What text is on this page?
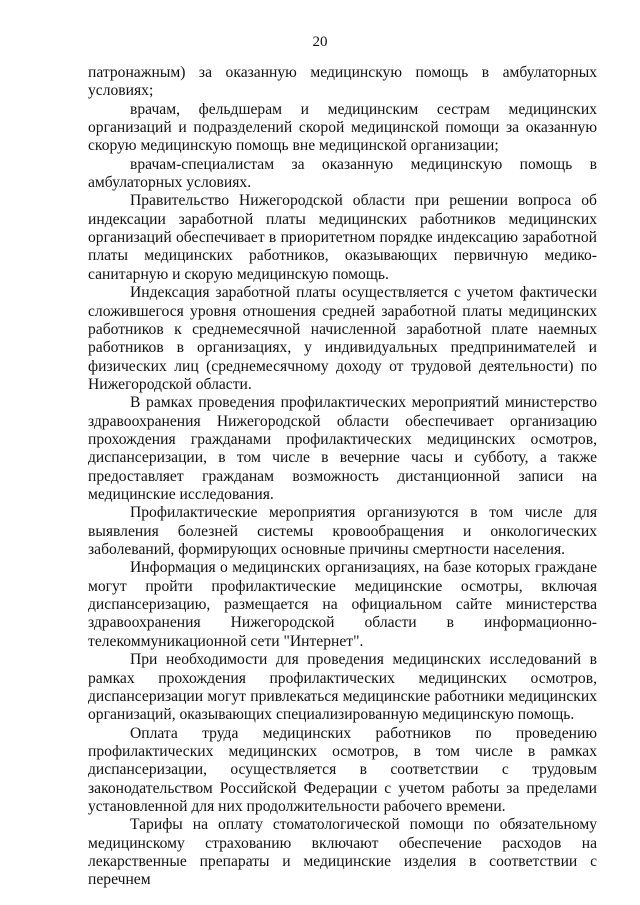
20

патронажным) за оказанную медицинскую помощь в амбулаторных условиях;

врачам, фельдшерам и медицинским сестрам медицинских организаций и подразделений скорой медицинской помощи за оказанную скорую медицинскую помощь вне медицинской организации;

врачам-специалистам за оказанную медицинскую помощь в амбулаторных условиях.

Правительство Нижегородской области при решении вопроса об индексации заработной платы медицинских работников медицинских организаций обеспечивает в приоритетном порядке индексацию заработной платы медицинских работников, оказывающих первичную медико-санитарную и скорую медицинскую помощь.

Индексация заработной платы осуществляется с учетом фактически сложившегося уровня отношения средней заработной платы медицинских работников к среднемесячной начисленной заработной плате наемных работников в организациях, у индивидуальных предпринимателей и физических лиц (среднемесячному доходу от трудовой деятельности) по Нижегородской области.

В рамках проведения профилактических мероприятий министерство здравоохранения Нижегородской области обеспечивает организацию прохождения гражданами профилактических медицинских осмотров, диспансеризации, в том числе в вечерние часы и субботу, а также предоставляет гражданам возможность дистанционной записи на медицинские исследования.

Профилактические мероприятия организуются в том числе для выявления болезней системы кровообращения и онкологических заболеваний, формирующих основные причины смертности населения.

Информация о медицинских организациях, на базе которых граждане могут пройти профилактические медицинские осмотры, включая диспансеризацию, размещается на официальном сайте министерства здравоохранения Нижегородской области в информационно-телекоммуникационной сети "Интернет".

При необходимости для проведения медицинских исследований в рамках прохождения профилактических медицинских осмотров, диспансеризации могут привлекаться медицинские работники медицинских организаций, оказывающих специализированную медицинскую помощь.

Оплата труда медицинских работников по проведению профилактических медицинских осмотров, в том числе в рамках диспансеризации, осуществляется в соответствии с трудовым законодательством Российской Федерации с учетом работы за пределами установленной для них продолжительности рабочего времени.

Тарифы на оплату стоматологической помощи по обязательному медицинскому страхованию включают обеспечение расходов на лекарственные препараты и медицинские изделия в соответствии с перечнем
